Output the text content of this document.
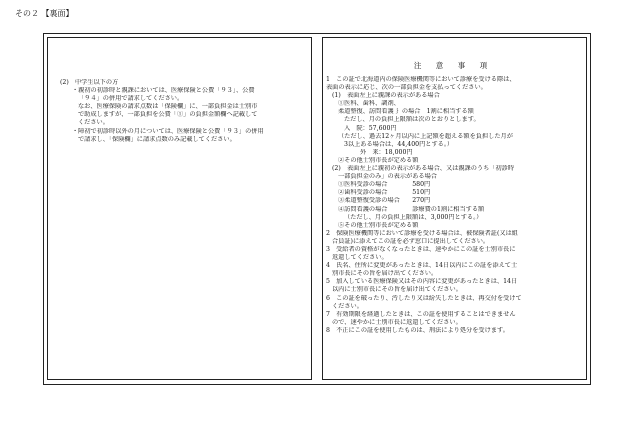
その２ 【裏面】
(2)　中学生以下の方
・親初の初診時と親課においては、医療保険と公費「９３」、公費
「９４」の併用で請求してください。
なお、医療保険の請求点数は「保険欄」に、一部負担金は士別市
で助成しますが、一部負担を公費「①」の負担金額欄へ記載して
ください。
・障初で初診時以外の月については、医療保険と公費「９３」の併用
で請求し、「保険欄」に請求点数のみ記載してください。
注 意 事 項
1　この証で北海道内の保険医療機関等において診療を受ける際は、
表面の表示に応じ、次の一部負担金を支払ってください。
(1)　表面左上に親課の表示がある場合
①医科、歯科、調剤、
柔道整復、訪問看護 ｝の場合　1割に相当する額
ただし、月の負担上限額は次のとおりとします。
入　院：57,600円
（ただし、過去12ヶ月以内に上記額を超える額を負担した月が
3以上ある場合は、44,400円とする。）
外　来：18,000円
②その他士別市長が定める額
(2)　表面左上に親初の表示がある場合、又は親課のうち「初診時
一部負担金のみ」の表示がある場合
①医科受診の場合　　　　580円
②歯科受診の場合　　　　510円
③柔道整復受診の場合　　270円
④訪問看護の場合　　　　診療費の1割に相当する額
（ただし、月の負担上限額は、3,000円とする。）
⑤その他士別市長が定める額
2　保険医療機関等において診療を受ける場合は、被保険者証(又は組
合員証)に添えてこの証を必ず窓口に提出してください。
3　受給者の資格がなくなったときは、速やかにこの証を士別市長に
返還してください。
4　氏名、住所に変更があったときは、14日以内にこの証を添えて士
別市長にその旨を届け出てください。
5　加入している医療保険又はその内容に変更があったときは、14日
以内に士別市長にその旨を届け出てください。
6　この証を破ったり、汚したり又は紛失したときは、再交付を受けて
ください。
7　有効期限を経過したときは、この証を使用することはできません
ので、速やかに士別市長に返還してください。
8　不正にこの証を使用したものは、刑法により処分を受けます。
